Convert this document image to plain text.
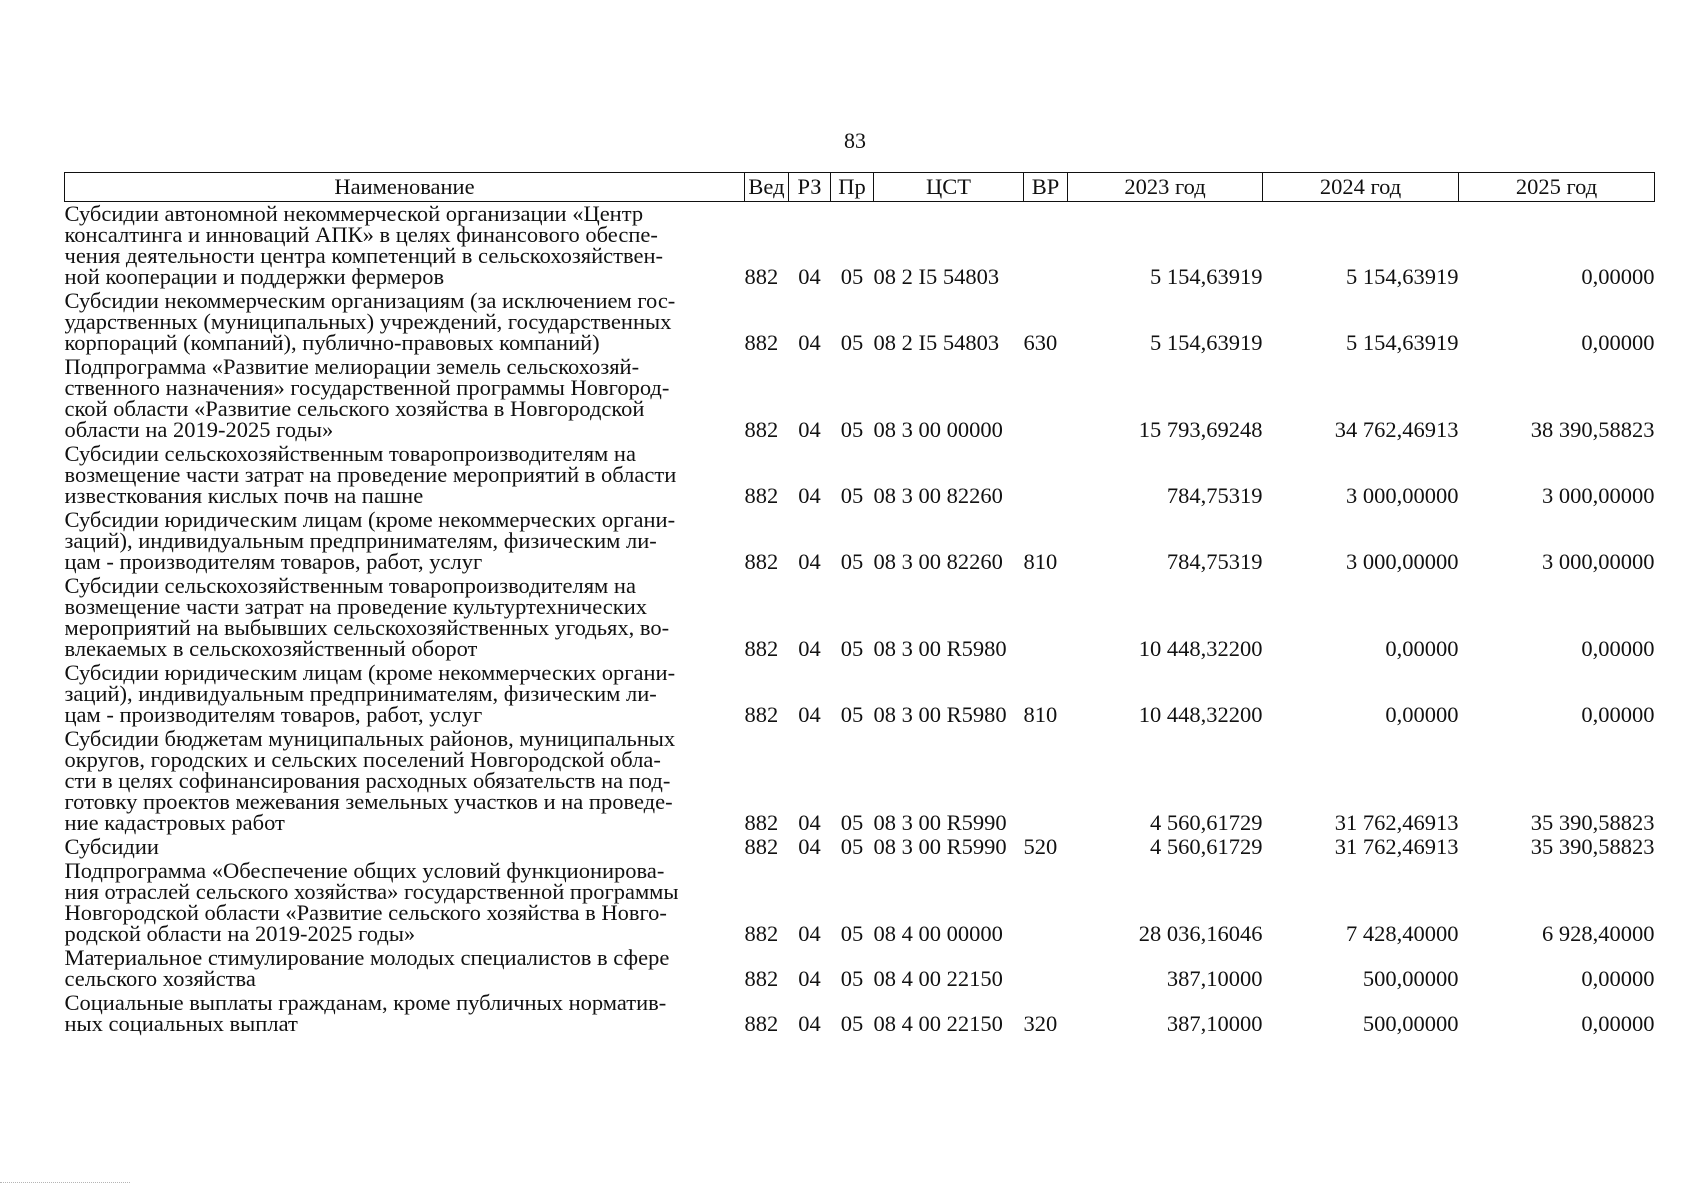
83
Наименование	Вед	РЗ	Пр	ЦСТ	ВР	2023 год	2024 год	2025 год

Субсидии автономной некоммерческой организации «Центр
консалтинга и инноваций АПК» в целях финансового обеспе-
чения деятельности центра компетенций в сельскохозяйствен-
ной кооперации и поддержки фермеров	882	04	05	08 2 I5 54803		5 154,63919	5 154,63919	0,00000

Субсидии некоммерческим организациям (за исключением гос-
ударственных (муниципальных) учреждений, государственных
корпораций (компаний), публично-правовых компаний)	882	04	05	08 2 I5 54803	630	5 154,63919	5 154,63919	0,00000

Подпрограмма «Развитие мелиорации земель сельскохозяй-
ственного назначения» государственной программы Новгород-
ской области «Развитие сельского хозяйства в Новгородской
области на 2019-2025 годы»	882	04	05	08 3 00 00000		15 793,69248	34 762,46913	38 390,58823

Субсидии сельскохозяйственным товаропроизводителям на
возмещение части затрат на проведение мероприятий в области
известкования кислых почв на пашне	882	04	05	08 3 00 82260		784,75319	3 000,00000	3 000,00000

Субсидии юридическим лицам (кроме некоммерческих органи-
заций), индивидуальным предпринимателям, физическим ли-
цам - производителям товаров, работ, услуг	882	04	05	08 3 00 82260	810	784,75319	3 000,00000	3 000,00000

Субсидии сельскохозяйственным товаропроизводителям на
возмещение части затрат на проведение культуртехнических
мероприятий на выбывших сельскохозяйственных угодьях, во-
влекаемых в сельскохозяйственный оборот	882	04	05	08 3 00 R5980		10 448,32200	0,00000	0,00000

Субсидии юридическим лицам (кроме некоммерческих органи-
заций), индивидуальным предпринимателям, физическим ли-
цам - производителям товаров, работ, услуг	882	04	05	08 3 00 R5980	810	10 448,32200	0,00000	0,00000

Субсидии бюджетам муниципальных районов, муниципальных
округов, городских и сельских поселений Новгородской обла-
сти в целях софинансирования расходных обязательств на под-
готовку проектов межевания земельных участков и на проведе-
ние кадастровых работ	882	04	05	08 3 00 R5990		4 560,61729	31 762,46913	35 390,58823

Субсидии	882	04	05	08 3 00 R5990	520	4 560,61729	31 762,46913	35 390,58823

Подпрограмма «Обеспечение общих условий функционирова-
ния отраслей сельского хозяйства» государственной программы
Новгородской области «Развитие сельского хозяйства в Новго-
родской области на 2019-2025 годы»	882	04	05	08 4 00 00000		28 036,16046	7 428,40000	6 928,40000

Материальное стимулирование молодых специалистов в сфере
сельского хозяйства	882	04	05	08 4 00 22150		387,10000	500,00000	0,00000

Социальные выплаты гражданам, кроме публичных норматив-
ных социальных выплат	882	04	05	08 4 00 22150	320	387,10000	500,00000	0,00000
